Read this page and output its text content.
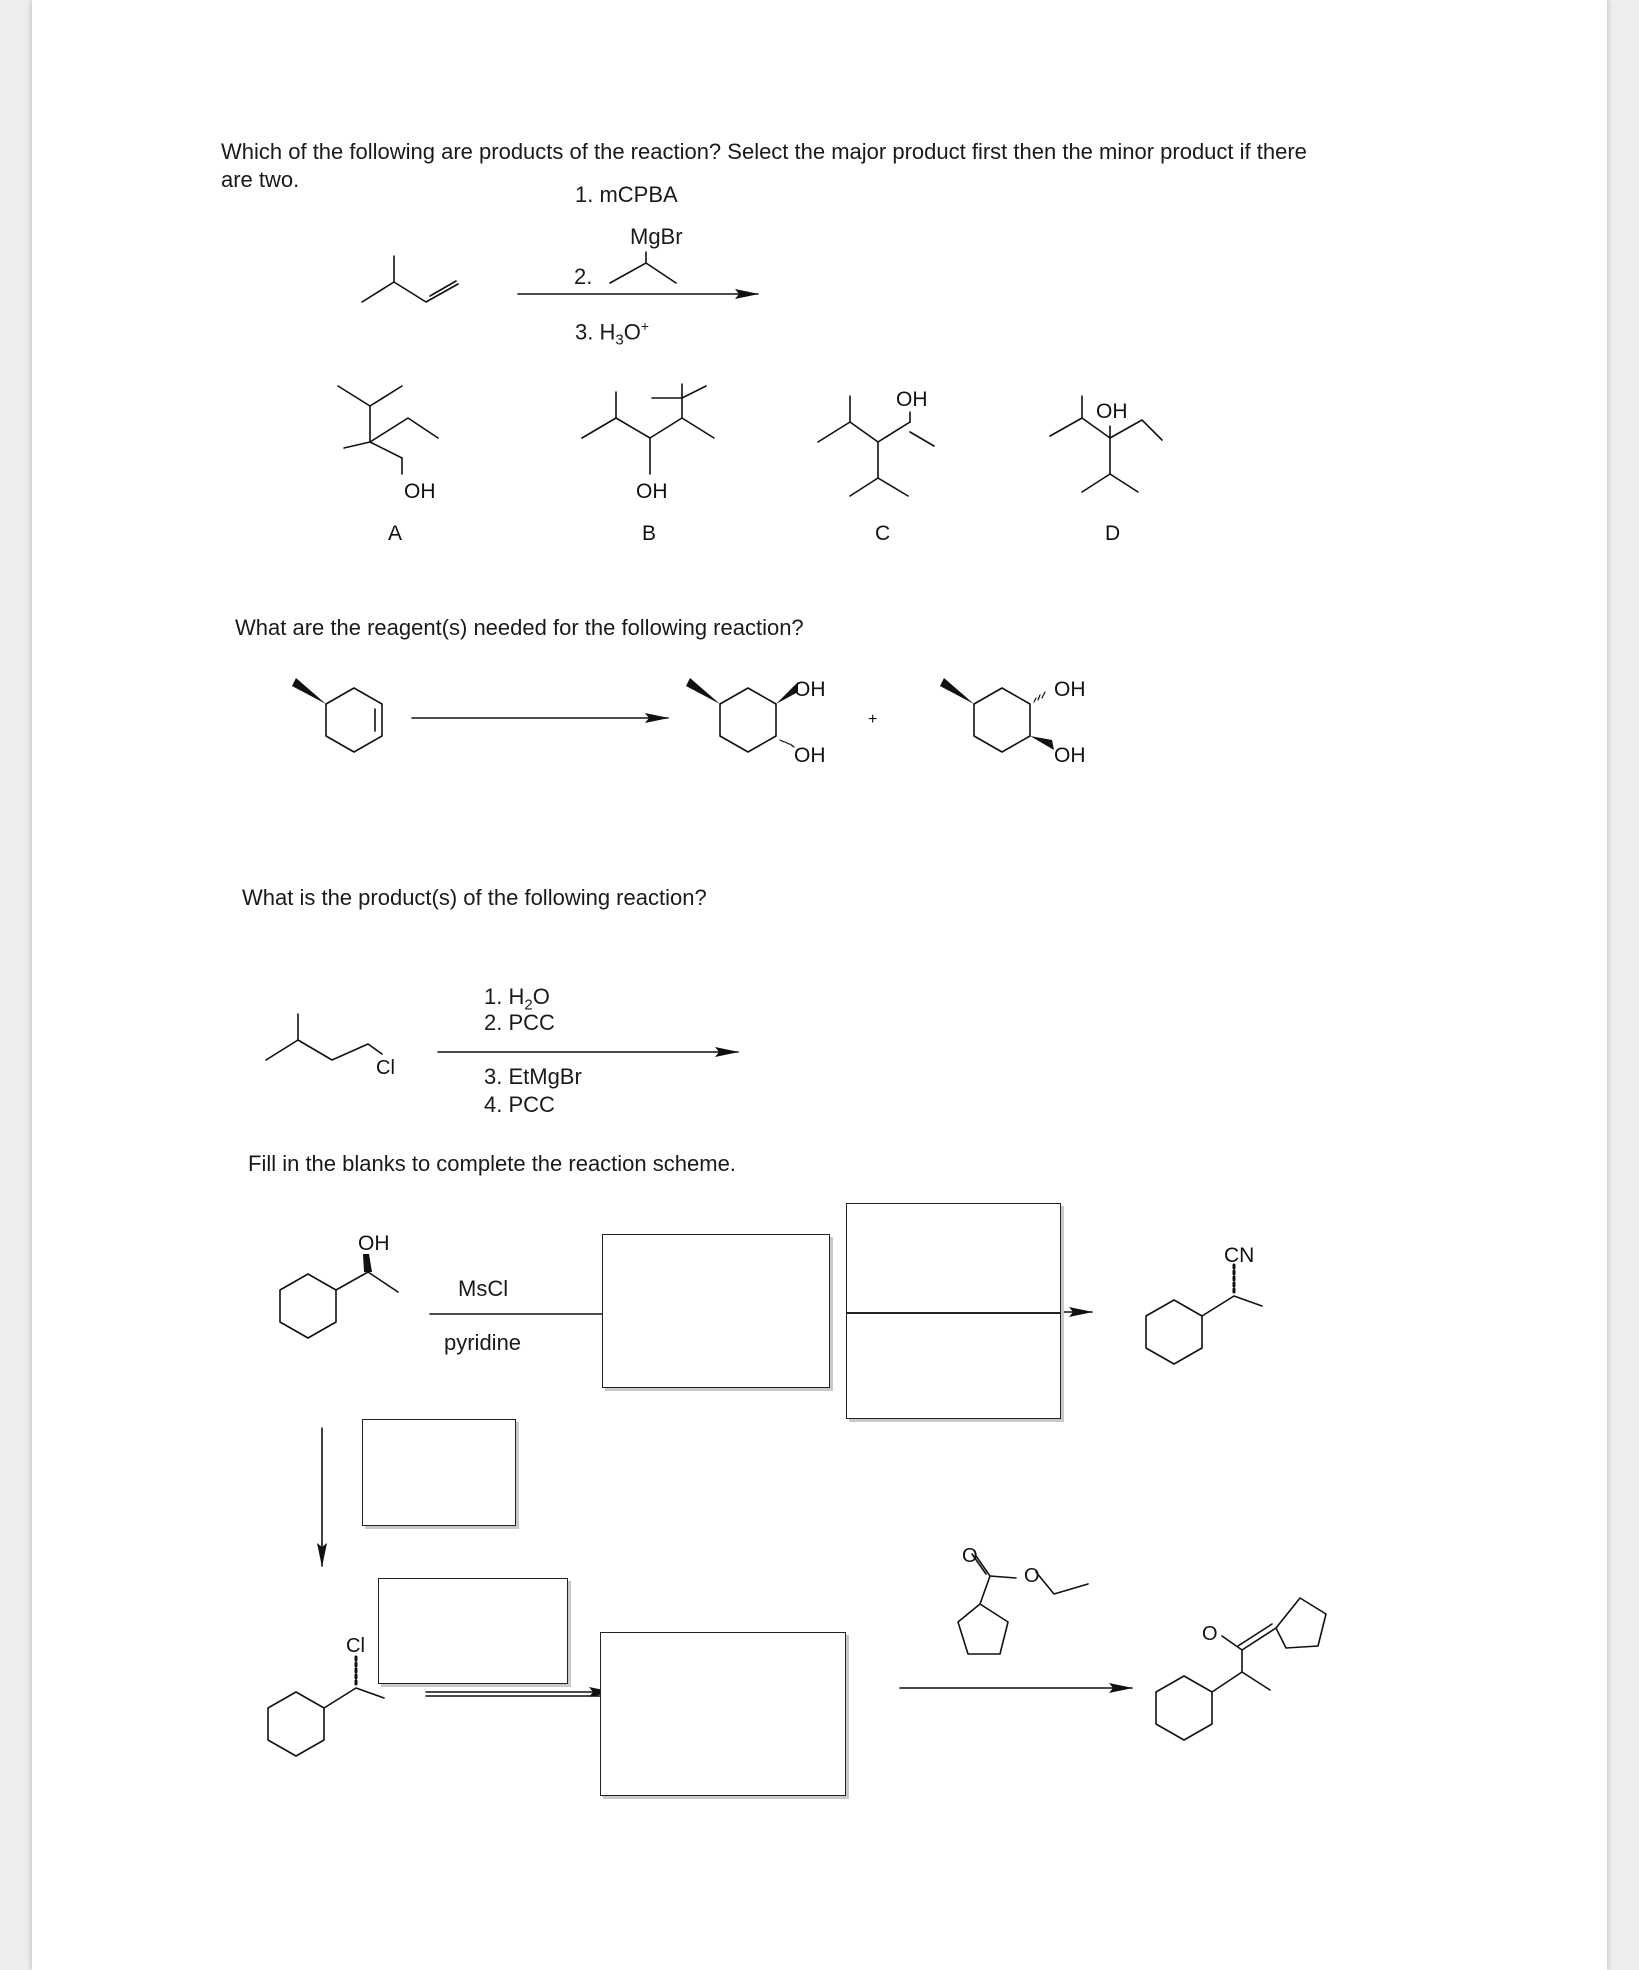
Which of the following are products of the reaction? Select the major product first then the minor product if there
are two.
1. mCPBA
A	B	C	D
OH	OH
OH
OH
OH
OH
+
OH
OH
Cl
OH
CN
Cl
O
O
O
MgBr
2.
3. $H_3O^+$
What are the reagent(s) needed for the following reaction?
What is the product(s) of the following reaction?
1. $H_2O$
2. PCC
3. EtMgBr
4. PCC
Fill in the blanks to complete the reaction scheme.
MsCl
pyridine
